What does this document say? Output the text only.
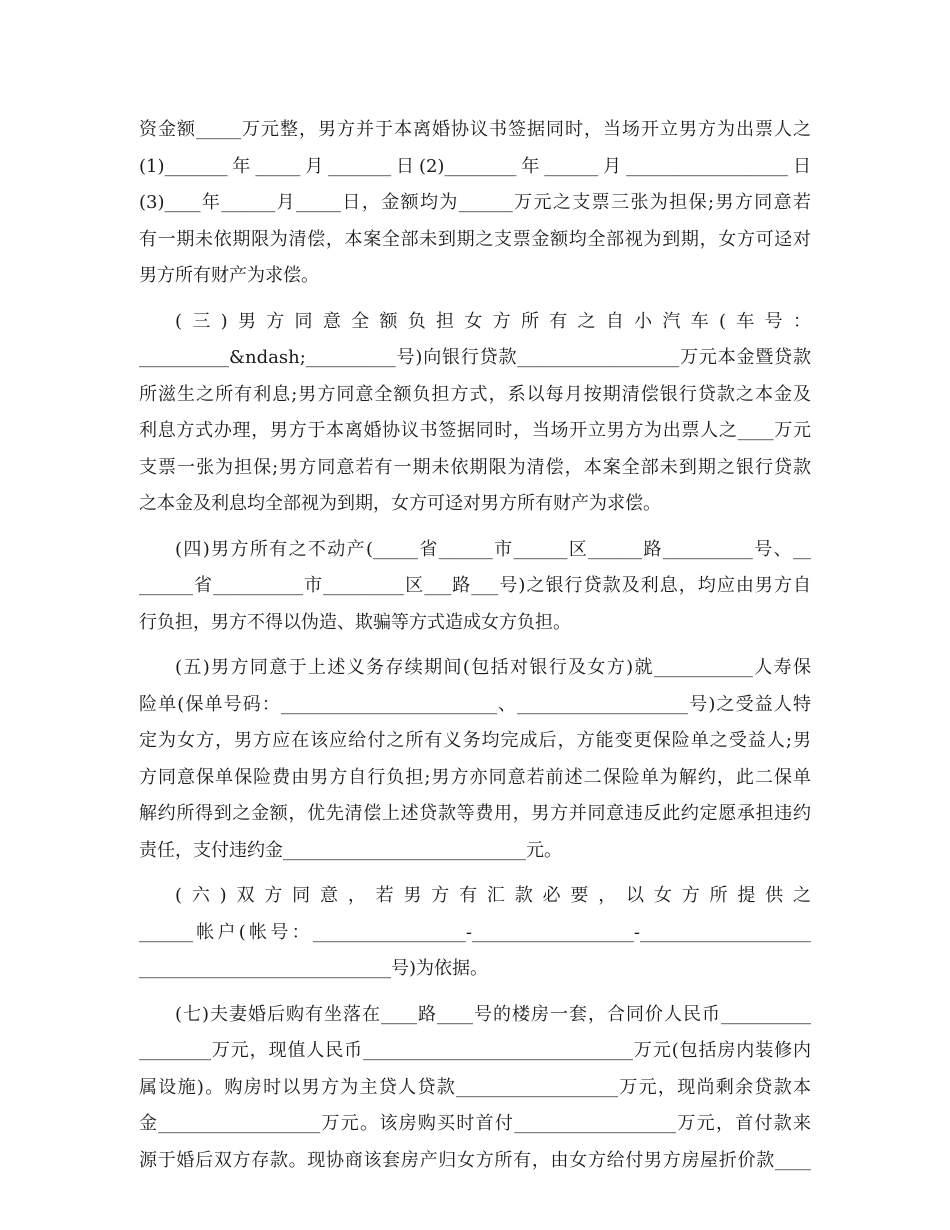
资金额_____万元整，男方并于本离婚协议书签据同时，当场开立男方为出票人之
(1)_______年_____月_______日(2)________年______月__________________日
(3)____年______月_____日，金额均为______万元之支票三张为担保;男方同意若
有一期未依期限为清偿，本案全部未到期之支票金额均全部视为到期，女方可迳对
男方所有财产为求偿。
(三)男方同意全额负担女方所有之自小汽车(车号：
__________&ndash;__________号)向银行贷款__________________万元本金暨贷款
所滋生之所有利息;男方同意全额负担方式，系以每月按期清偿银行贷款之本金及
利息方式办理，男方于本离婚协议书签据同时，当场开立男方为出票人之____万元
支票一张为担保;男方同意若有一期未依期限为清偿，本案全部未到期之银行贷款
之本金及利息均全部视为到期，女方可迳对男方所有财产为求偿。
(四)男方所有之不动产(_____省______市______区______路__________号、__
______省__________市_________区___路___号)之银行贷款及利息，均应由男方自
行负担，男方不得以伪造、欺骗等方式造成女方负担。
(五)男方同意于上述义务存续期间(包括对银行及女方)就___________人寿保
险单(保单号码：________________________、___________________号)之受益人特
定为女方，男方应在该应给付之所有义务均完成后，方能变更保险单之受益人;男
方同意保单保险费由男方自行负担;男方亦同意若前述二保险单为解约，此二保单
解约所得到之金额，优先清偿上述贷款等费用，男方并同意违反此约定愿承担违约
责任，支付违约金___________________________元。
(六)双方同意，若男方有汇款必要，以女方所提供之
______帐户(帐号：_________________-__________________-___________________
____________________________号)为依据。
(七)夫妻婚后购有坐落在____路____号的楼房一套，合同价人民币__________
________万元，现值人民币______________________________万元(包括房内装修内
属设施)。购房时以男方为主贷人贷款__________________万元，现尚剩余贷款本
金__________________万元。该房购买时首付__________________万元，首付款来
源于婚后双方存款。现协商该套房产归女方所有，由女方给付男方房屋折价款____
